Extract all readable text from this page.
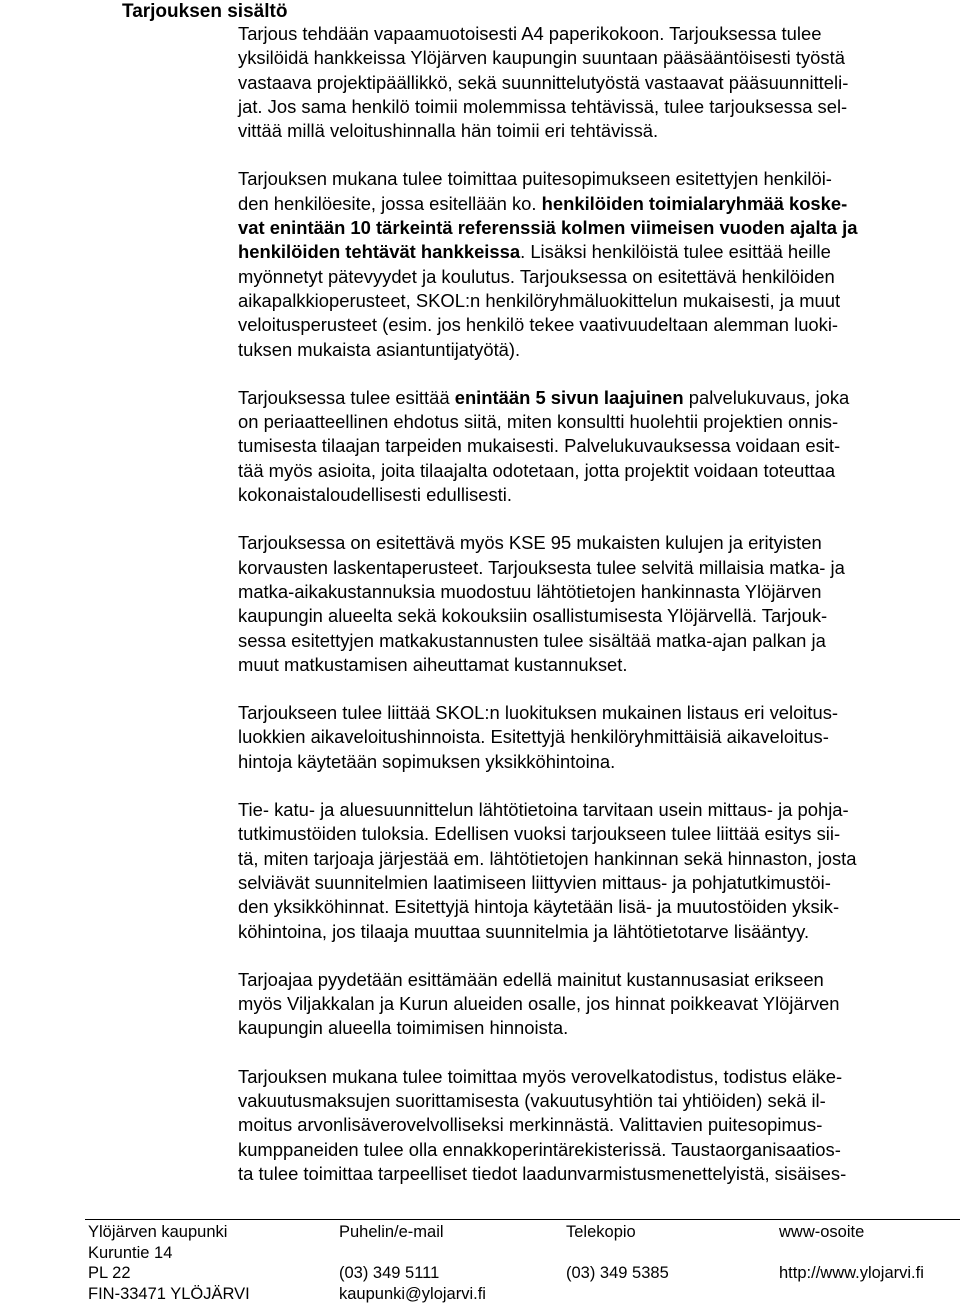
Tarjouksen sisältö

Tarjous tehdään vapaamuotoisesti A4 paperikokoon. Tarjouksessa tulee

yksilöidä hankkeissa Ylöjärven kaupungin suuntaan pääsääntöisesti työstä

vastaava projektipäällikkö, sekä suunnittelutyöstä vastaavat pääsuunnitteli-

jat. Jos sama henkilö toimii molemmissa tehtävissä, tulee tarjouksessa sel-

vittää millä veloitushinnalla hän toimii eri tehtävissä.

Tarjouksen mukana tulee toimittaa puitesopimukseen esitettyjen henkilöi-

den henkilöesite, jossa esitellään ko. henkilöiden toimialaryhmää koske-

vat enintään 10 tärkeintä referenssiä kolmen viimeisen vuoden ajalta ja

henkilöiden tehtävät hankkeissa. Lisäksi henkilöistä tulee esittää heille

myönnetyt pätevyydet ja koulutus. Tarjouksessa on esitettävä henkilöiden

aikapalkkioperusteet, SKOL:n henkilöryhmäluokittelun mukaisesti, ja muut

veloitusperusteet (esim. jos henkilö tekee vaativuudeltaan alemman luoki-

tuksen mukaista asiantuntijatyötä).

Tarjouksessa tulee esittää enintään 5 sivun laajuinen palvelukuvaus, joka

on periaatteellinen ehdotus siitä, miten konsultti huolehtii projektien onnis-

tumisesta tilaajan tarpeiden mukaisesti. Palvelukuvauksessa voidaan esit-

tää myös asioita, joita tilaajalta odotetaan, jotta projektit voidaan toteuttaa

kokonaistaloudellisesti edullisesti.

Tarjouksessa on esitettävä myös KSE 95 mukaisten kulujen ja erityisten

korvausten laskentaperusteet. Tarjouksesta tulee selvitä millaisia matka- ja

matka-aikakustannuksia muodostuu lähtötietojen hankinnasta Ylöjärven

kaupungin alueelta sekä kokouksiin osallistumisesta Ylöjärvellä. Tarjouk-

sessa esitettyjen matkakustannusten tulee sisältää matka-ajan palkan ja

muut matkustamisen aiheuttamat kustannukset.

Tarjoukseen tulee liittää SKOL:n luokituksen mukainen listaus eri veloitus-

luokkien aikaveloitushinnoista. Esitettyjä henkilöryhmittäisiä aikaveloitus-

hintoja käytetään sopimuksen yksikköhintoina.

Tie- katu- ja aluesuunnittelun lähtötietoina tarvitaan usein mittaus- ja pohja-

tutkimustöiden tuloksia. Edellisen vuoksi tarjoukseen tulee liittää esitys sii-

tä, miten tarjoaja järjestää em. lähtötietojen hankinnan sekä hinnaston, josta

selviävät suunnitelmien laatimiseen liittyvien mittaus- ja pohjatutkimustöi-

den yksikköhinnat. Esitettyjä hintoja käytetään lisä- ja muutostöiden yksik-

köhintoina, jos tilaaja muuttaa suunnitelmia ja lähtötietotarve lisääntyy.

Tarjoajaa pyydetään esittämään edellä mainitut kustannusasiat erikseen

myös Viljakkalan ja Kurun alueiden osalle, jos hinnat poikkeavat Ylöjärven

kaupungin alueella toimimisen hinnoista.

Tarjouksen mukana tulee toimittaa myös verovelkatodistus, todistus eläke-

vakuutusmaksujen suorittamisesta (vakuutusyhtiön tai yhtiöiden) sekä il-

moitus arvonlisäverovelvolliseksi merkinnästä. Valittavien puitesopimus-

kumppaneiden tulee olla ennakkoperintärekisterissä. Taustaorganisaatios-

ta tulee toimittaa tarpeelliset tiedot laadunvarmistusmenettelyistä, sisäises-

Ylöjärven kaupunki
Kuruntie 14
PL 22
FIN-33471 YLÖJÄRVI
Puhelin/e-mail

(03) 349 5111
kaupunki@ylojarvi.fi
Telekopio

(03) 349 5385
www-osoite

http://www.ylojarvi.fi
